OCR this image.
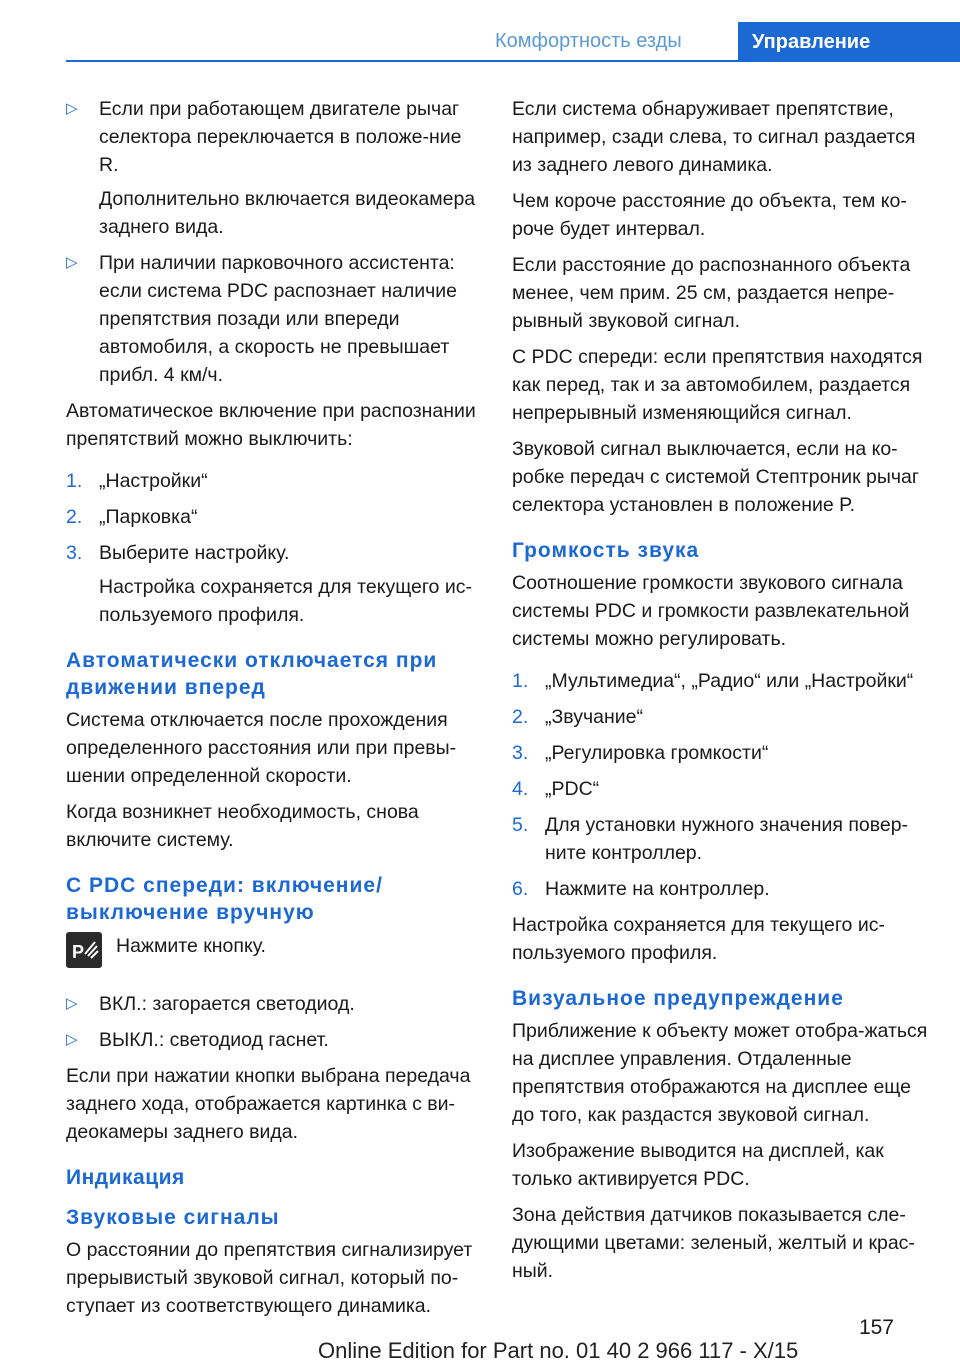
Комфортность езды	Управление
▷ Если при работающем двигателе рычаг селектора переключается в положе-ние R.

Дополнительно включается видеокамера заднего вида.

▷ При наличии парковочного ассистента: если система PDC распознает наличие препятствия позади или впереди автомобиля, а скорость не превышает прибл. 4 км/ч.

Автоматическое включение при распознании препятствий можно выключить:

1. „Настройки“

2. „Парковка“

3. Выберите настройку.

Настройка сохраняется для текущего ис-пользуемого профиля.

Автоматически отключается при движении вперед

Система отключается после прохождения определенного расстояния или при превы-шении определенной скорости.

Когда возникнет необходимость, снова включите систему.

С PDC спереди: включение/ выключение вручную
P Нажмите кнопку.
▷ ВКЛ.: загорается светодиод.

▷ ВЫКЛ.: светодиод гаснет.

Если при нажатии кнопки выбрана передача заднего хода, отображается картинка с ви-деокамеры заднего вида.

Индикация
Звуковые сигналы

О расстоянии до препятствия сигнализирует прерывистый звуковой сигнал, который по-ступает из соответствующего динамика.

Если система обнаруживает препятствие, например, сзади слева, то сигнал раздается из заднего левого динамика.

Чем короче расстояние до объекта, тем ко-роче будет интервал.

Если расстояние до распознанного объекта менее, чем прим. 25 см, раздается непре-рывный звуковой сигнал.

С PDC спереди: если препятствия находятся как перед, так и за автомобилем, раздается непрерывный изменяющийся сигнал.

Звуковой сигнал выключается, если на ко-робке передач с системой Стептроник рычаг селектора установлен в положение P.

Громкость звука

Соотношение громкости звукового сигнала системы PDC и громкости развлекательной системы можно регулировать.

1. „Мультимедиа“, „Радио“ или „Настройки“

2. „Звучание“

3. „Регулировка громкости“

4. „PDC“

5. Для установки нужного значения повер-ните контроллер.

6. Нажмите на контроллер.

Настройка сохраняется для текущего ис-пользуемого профиля.

Визуальное предупреждение

Приближение к объекту может отобра-жаться на дисплее управления. Отдаленные препятствия отображаются на дисплее еще до того, как раздастся звуковой сигнал.

Изображение выводится на дисплей, как только активируется PDC.

Зона действия датчиков показывается сле-дующими цветами: зеленый, желтый и крас-ный.

157
Online Edition for Part no. 01 40 2 966 117 - X/15
